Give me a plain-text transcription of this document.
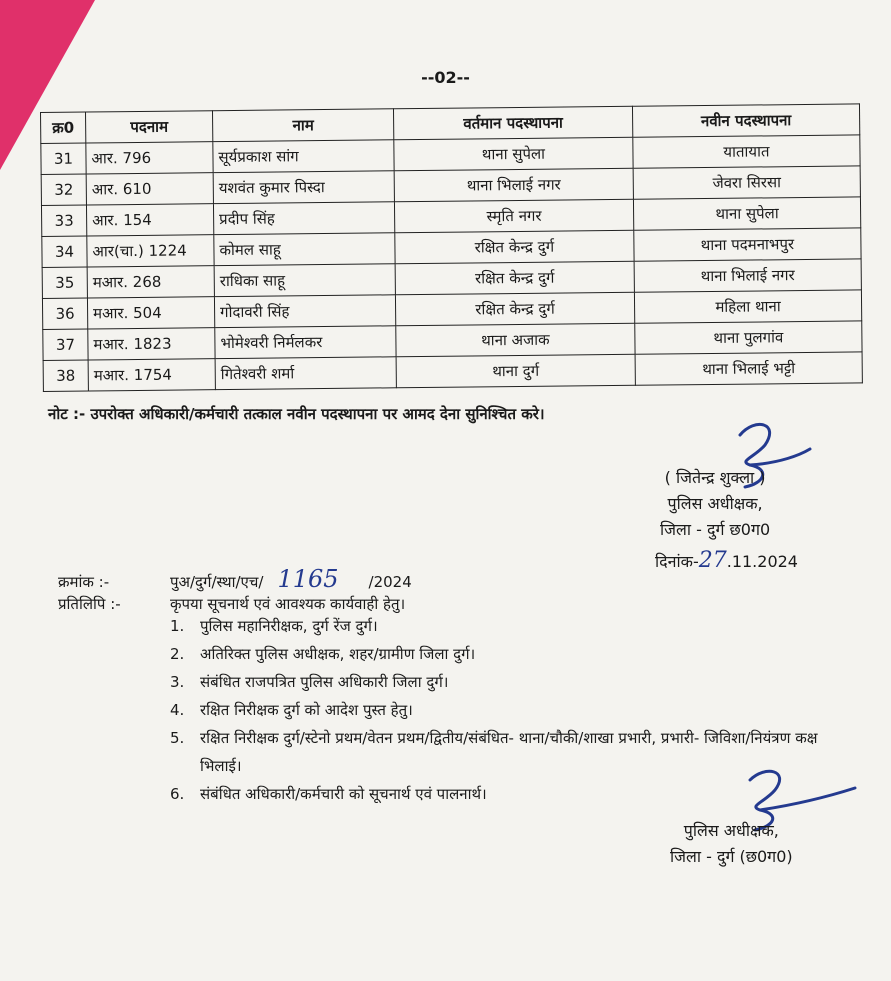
--02--
क्र0	पदनाम	नाम	वर्तमान पदस्थापना	नवीन पदस्थापना
31	आर. 796	सूर्यप्रकाश सांग	थाना सुपेला	यातायात
32	आर. 610	यशवंत कुमार पिस्दा	थाना भिलाई नगर	जेवरा सिरसा
33	आर. 154	प्रदीप सिंह	स्मृति नगर	थाना सुपेला
34	आर(चा.) 1224	कोमल साहू	रक्षित केन्द्र दुर्ग	थाना पदमनाभपुर
35	मआर. 268	राधिका साहू	रक्षित केन्द्र दुर्ग	थाना भिलाई नगर
36	मआर. 504	गोदावरी सिंह	रक्षित केन्द्र दुर्ग	महिला थाना
37	मआर. 1823	भोमेश्वरी निर्मलकर	थाना अजाक	थाना पुलगांव
38	मआर. 1754	गितेश्वरी शर्मा	थाना दुर्ग	थाना भिलाई भट्टी
नोट :- उपरोक्त अधिकारी/कर्मचारी तत्काल नवीन पदस्थापना पर आमद देना सुनिश्चित करे।
( जितेन्द्र शुक्ला )
पुलिस अधीक्षक,
जिला - दुर्ग छ0ग0
दिनांक-27.11.2024
क्रमांक :-	पुअ/दुर्ग/स्था/एच/ 1165 /2024
प्रतिलिपि :-	कृपया सूचनार्थ एवं आवश्यक कार्यवाही हेतु।
1.	पुलिस महानिरीक्षक, दुर्ग रेंज दुर्ग।
2.	अतिरिक्त पुलिस अधीक्षक, शहर/ग्रामीण जिला दुर्ग।
3.	संबंधित राजपत्रित पुलिस अधिकारी जिला दुर्ग।
4.	रक्षित निरीक्षक दुर्ग को आदेश पुस्त हेतु।
5.	रक्षित निरीक्षक दुर्ग/स्टेनो प्रथम/वेतन प्रथम/द्वितीय/संबंधित- थाना/चौकी/शाखा प्रभारी, प्रभारी- जिविशा/नियंत्रण कक्ष भिलाई।
6.	संबंधित अधिकारी/कर्मचारी को सूचनार्थ एवं पालनार्थ।
पुलिस अधीक्षक,
जिला - दुर्ग (छ0ग0)
